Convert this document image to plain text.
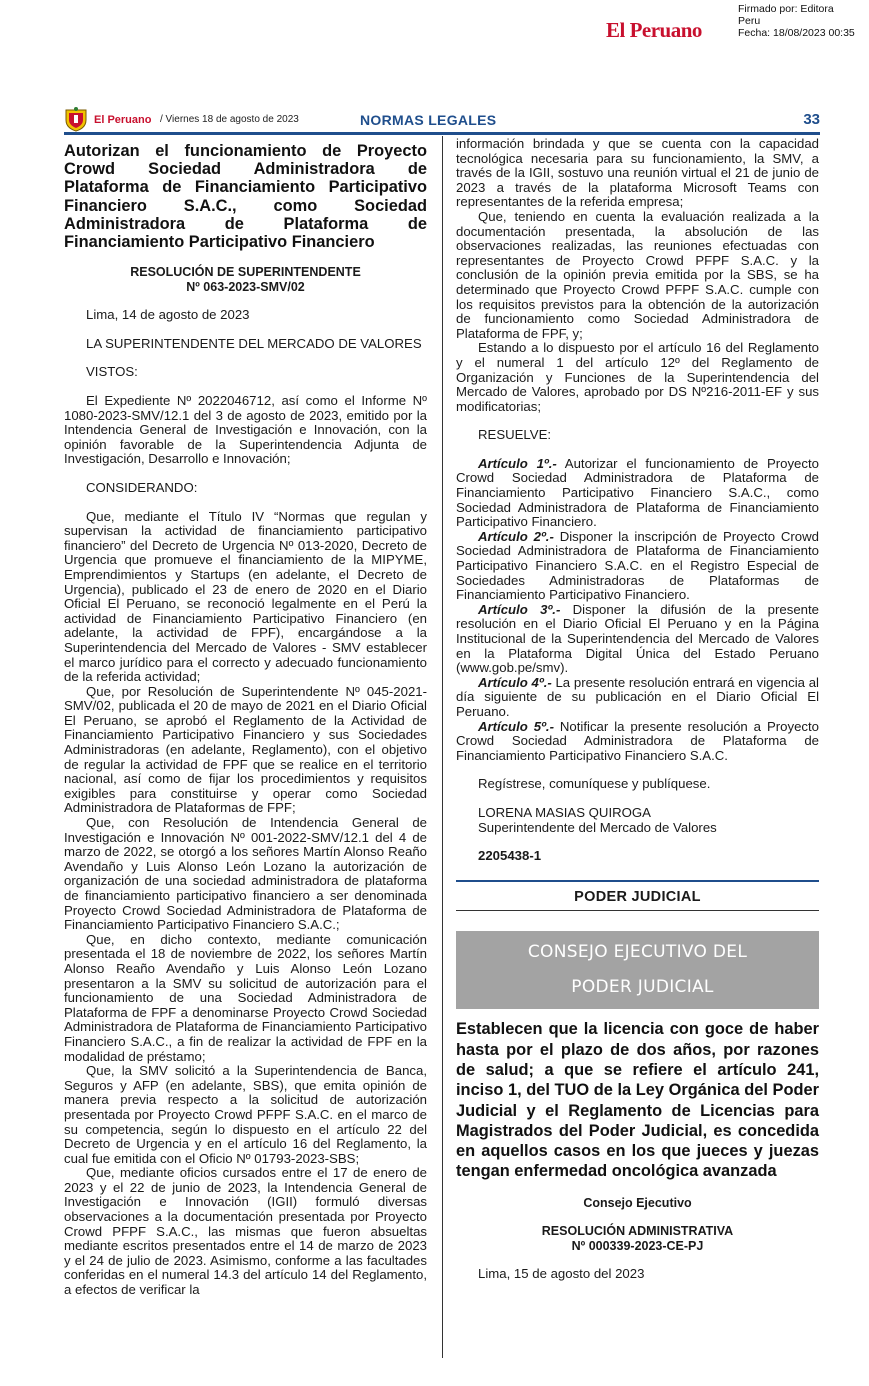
El Peruano
Firmado por: Editora
Peru
Fecha: 18/08/2023 00:35
El Peruano / Viernes 18 de agosto de 2023	NORMAS LEGALES	33
Autorizan el funcionamiento de Proyecto Crowd Sociedad Administradora de Plataforma de Financiamiento Participativo Financiero S.A.C., como Sociedad Administradora de Plataforma de Financiamiento Participativo Financiero
RESOLUCIÓN DE SUPERINTENDENTE
Nº 063-2023-SMV/02

Lima, 14 de agosto de 2023

LA SUPERINTENDENTE DEL MERCADO DE VALORES

VISTOS:

El Expediente Nº 2022046712, así como el Informe Nº 1080-2023-SMV/12.1 del 3 de agosto de 2023, emitido por la Intendencia General de Investigación e Innovación, con la opinión favorable de la Superintendencia Adjunta de Investigación, Desarrollo e Innovación;

CONSIDERANDO:

Que, mediante el Título IV “Normas que regulan y supervisan la actividad de financiamiento participativo financiero” del Decreto de Urgencia Nº 013-2020, Decreto de Urgencia que promueve el financiamiento de la MIPYME, Emprendimientos y Startups (en adelante, el Decreto de Urgencia), publicado el 23 de enero de 2020 en el Diario Oficial El Peruano, se reconoció legalmente en el Perú la actividad de Financiamiento Participativo Financiero (en adelante, la actividad de FPF), encargándose a la Superintendencia del Mercado de Valores - SMV establecer el marco jurídico para el correcto y adecuado funcionamiento de la referida actividad;

Que, por Resolución de Superintendente Nº 045-2021-SMV/02, publicada el 20 de mayo de 2021 en el Diario Oficial El Peruano, se aprobó el Reglamento de la Actividad de Financiamiento Participativo Financiero y sus Sociedades Administradoras (en adelante, Reglamento), con el objetivo de regular la actividad de FPF que se realice en el territorio nacional, así como de fijar los procedimientos y requisitos exigibles para constituirse y operar como Sociedad Administradora de Plataformas de FPF;

Que, con Resolución de Intendencia General de Investigación e Innovación Nº 001-2022-SMV/12.1 del 4 de marzo de 2022, se otorgó a los señores Martín Alonso Reaño Avendaño y Luis Alonso León Lozano la autorización de organización de una sociedad administradora de plataforma de financiamiento participativo financiero a ser denominada Proyecto Crowd Sociedad Administradora de Plataforma de Financiamiento Participativo Financiero S.A.C.;

Que, en dicho contexto, mediante comunicación presentada el 18 de noviembre de 2022, los señores Martín Alonso Reaño Avendaño y Luis Alonso León Lozano presentaron a la SMV su solicitud de autorización para el funcionamiento de una Sociedad Administradora de Plataforma de FPF a denominarse Proyecto Crowd Sociedad Administradora de Plataforma de Financiamiento Participativo Financiero S.A.C., a fin de realizar la actividad de FPF en la modalidad de préstamo;

Que, la SMV solicitó a la Superintendencia de Banca, Seguros y AFP (en adelante, SBS), que emita opinión de manera previa respecto a la solicitud de autorización presentada por Proyecto Crowd PFPF S.A.C. en el marco de su competencia, según lo dispuesto en el artículo 22 del Decreto de Urgencia y en el artículo 16 del Reglamento, la cual fue emitida con el Oficio Nº 01793-2023-SBS;

Que, mediante oficios cursados entre el 17 de enero de 2023 y el 22 de junio de 2023, la Intendencia General de Investigación e Innovación (IGII) formuló diversas observaciones a la documentación presentada por Proyecto Crowd PFPF S.A.C., las mismas que fueron absueltas mediante escritos presentados entre el 14 de marzo de 2023 y el 24 de julio de 2023. Asimismo, conforme a las facultades conferidas en el numeral 14.3 del artículo 14 del Reglamento, a efectos de verificar la

información brindada y que se cuenta con la capacidad tecnológica necesaria para su funcionamiento, la SMV, a través de la IGII, sostuvo una reunión virtual el 21 de junio de 2023 a través de la plataforma Microsoft Teams con representantes de la referida empresa;

Que, teniendo en cuenta la evaluación realizada a la documentación presentada, la absolución de las observaciones realizadas, las reuniones efectuadas con representantes de Proyecto Crowd PFPF S.A.C. y la conclusión de la opinión previa emitida por la SBS, se ha determinado que Proyecto Crowd PFPF S.A.C. cumple con los requisitos previstos para la obtención de la autorización de funcionamiento como Sociedad Administradora de Plataforma de FPF, y;

Estando a lo dispuesto por el artículo 16 del Reglamento y el numeral 1 del artículo 12º del Reglamento de Organización y Funciones de la Superintendencia del Mercado de Valores, aprobado por DS Nº216-2011-EF y sus modificatorias;

RESUELVE:

Artículo 1º.- Autorizar el funcionamiento de Proyecto Crowd Sociedad Administradora de Plataforma de Financiamiento Participativo Financiero S.A.C., como Sociedad Administradora de Plataforma de Financiamiento Participativo Financiero.

Artículo 2º.- Disponer la inscripción de Proyecto Crowd Sociedad Administradora de Plataforma de Financiamiento Participativo Financiero S.A.C. en el Registro Especial de Sociedades Administradoras de Plataformas de Financiamiento Participativo Financiero.

Artículo 3º.- Disponer la difusión de la presente resolución en el Diario Oficial El Peruano y en la Página Institucional de la Superintendencia del Mercado de Valores en la Plataforma Digital Única del Estado Peruano (www.gob.pe/smv).

Artículo 4º.- La presente resolución entrará en vigencia al día siguiente de su publicación en el Diario Oficial El Peruano.

Artículo 5º.- Notificar la presente resolución a Proyecto Crowd Sociedad Administradora de Plataforma de Financiamiento Participativo Financiero S.A.C.

Regístrese, comuníquese y publíquese.

LORENA MASIAS QUIROGA
Superintendente del Mercado de Valores
2205438-1
PODER JUDICIAL
CONSEJO EJECUTIVO DEL
PODER JUDICIAL
Establecen que la licencia con goce de haber hasta por el plazo de dos años, por razones de salud; a que se refiere el artículo 241, inciso 1, del TUO de la Ley Orgánica del Poder Judicial y el Reglamento de Licencias para Magistrados del Poder Judicial, es concedida en aquellos casos en los que jueces y juezas tengan enfermedad oncológica avanzada
Consejo Ejecutivo
RESOLUCIÓN ADMINISTRATIVA
Nº 000339-2023-CE-PJ

Lima, 15 de agosto del 2023
